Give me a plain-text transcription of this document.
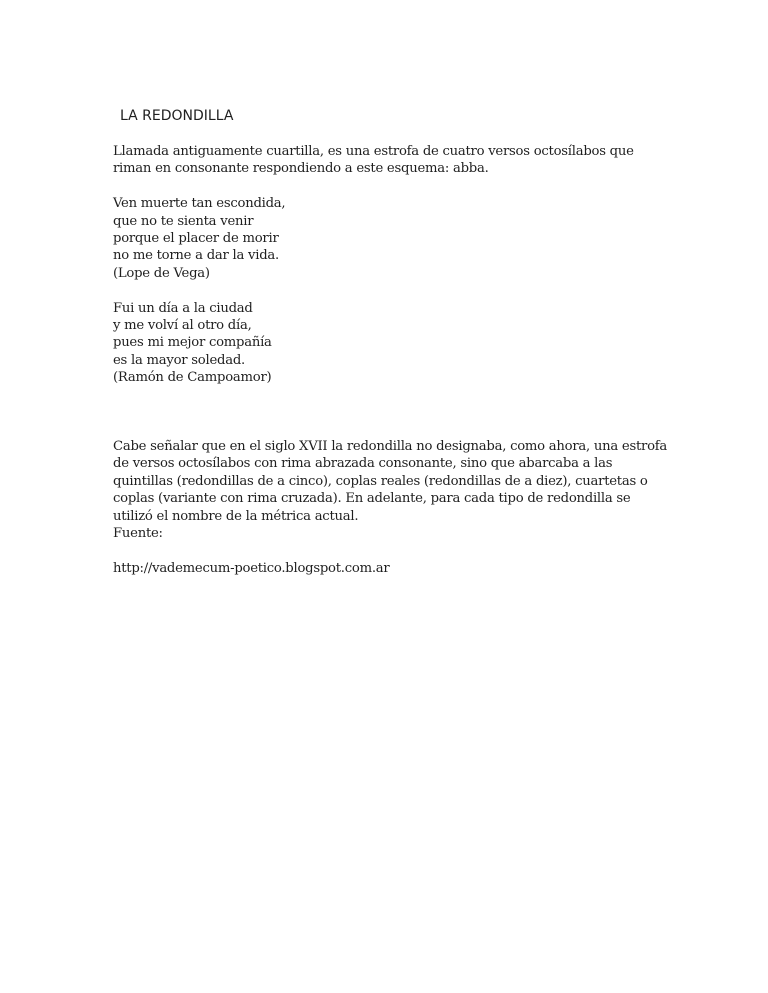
LA REDONDILLA

Llamada antiguamente cuartilla, es una estrofa de cuatro versos octosílabos que riman en consonante respondiendo a este esquema: abba.

Ven muerte tan escondida,
que no te sienta venir
porque el placer de morir
no me torne a dar la vida.
(Lope de Vega)
Fui un día a la ciudad
y me volví al otro día,
pues mi mejor compañía
es la mayor soledad.
(Ramón de Campoamor)

Cabe señalar que en el siglo XVII la redondilla no designaba, como ahora, una estrofa de versos octosílabos con rima abrazada consonante, sino que abarcaba a las quintillas (redondillas de a cinco), coplas reales (redondillas de a diez), cuartetas o coplas (variante con rima cruzada). En adelante, para cada tipo de redondilla se utilizó el nombre de la métrica actual.

Fuente:
http://vademecum-poetico.blogspot.com.ar
